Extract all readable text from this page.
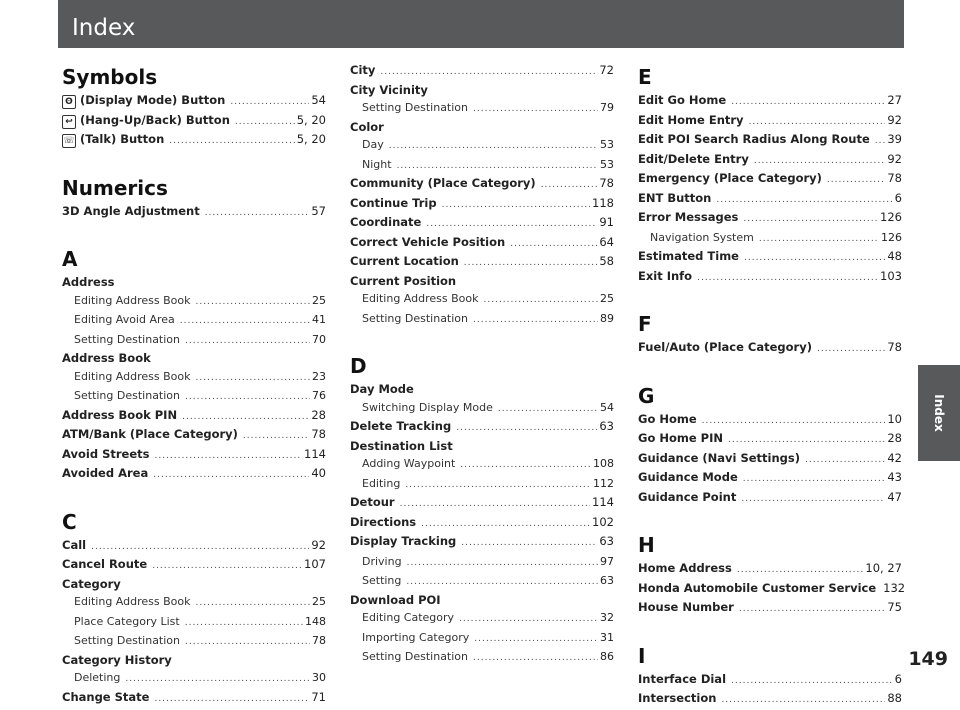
Index
Index
149
Symbols
ʘ (Display Mode) Button .....	54
↩ (Hang-Up/Back) Button .....	5, 20
☏ (Talk) Button .....	5, 20
Numerics
3D Angle Adjustment .....	57
A
Address
Editing Address Book .....	25
Editing Avoid Area .....	41
Setting Destination .....	70
Address Book
Editing Address Book .....	23
Setting Destination .....	76
Address Book PIN .....	28
ATM/Bank (Place Category) .....	78
Avoid Streets .....	114
Avoided Area .....	40
C
Call .....	92
Cancel Route .....	107
Category
Editing Address Book .....	25
Place Category List .....	148
Setting Destination .....	78
Category History
Deleting .....	30
Change State .....	71
City .....	72
City Vicinity
Setting Destination .....	79
Color
Day .....	53
Night .....	53
Community (Place Category) .....	78
Continue Trip .....	118
Coordinate .....	91
Correct Vehicle Position .....	64
Current Location .....	58
Current Position
Editing Address Book .....	25
Setting Destination .....	89
D
Day Mode
Switching Display Mode .....	54
Delete Tracking .....	63
Destination List
Adding Waypoint .....	108
Editing .....	112
Detour .....	114
Directions .....	102
Display Tracking .....	63
Driving .....	97
Setting .....	63
Download POI
Editing Category .....	32
Importing Category .....	31
Setting Destination .....	86
E
Edit Go Home .....	27
Edit Home Entry .....	92
Edit POI Search Radius Along Route ..... 39
Edit/Delete Entry .....	92
Emergency (Place Category) .....	78
ENT Button .....	6
Error Messages .....	126
Navigation System .....	126
Estimated Time .....	48
Exit Info .....	103
F
Fuel/Auto (Place Category) .....	78
G
Go Home .....	10
Go Home PIN .....	28
Guidance (Navi Settings) .....	42
Guidance Mode .....	43
Guidance Point .....	47
H
Home Address .....	10, 27
Honda Automobile Customer Service 132
House Number .....	75
I
Interface Dial .....	6
Intersection .....	88
